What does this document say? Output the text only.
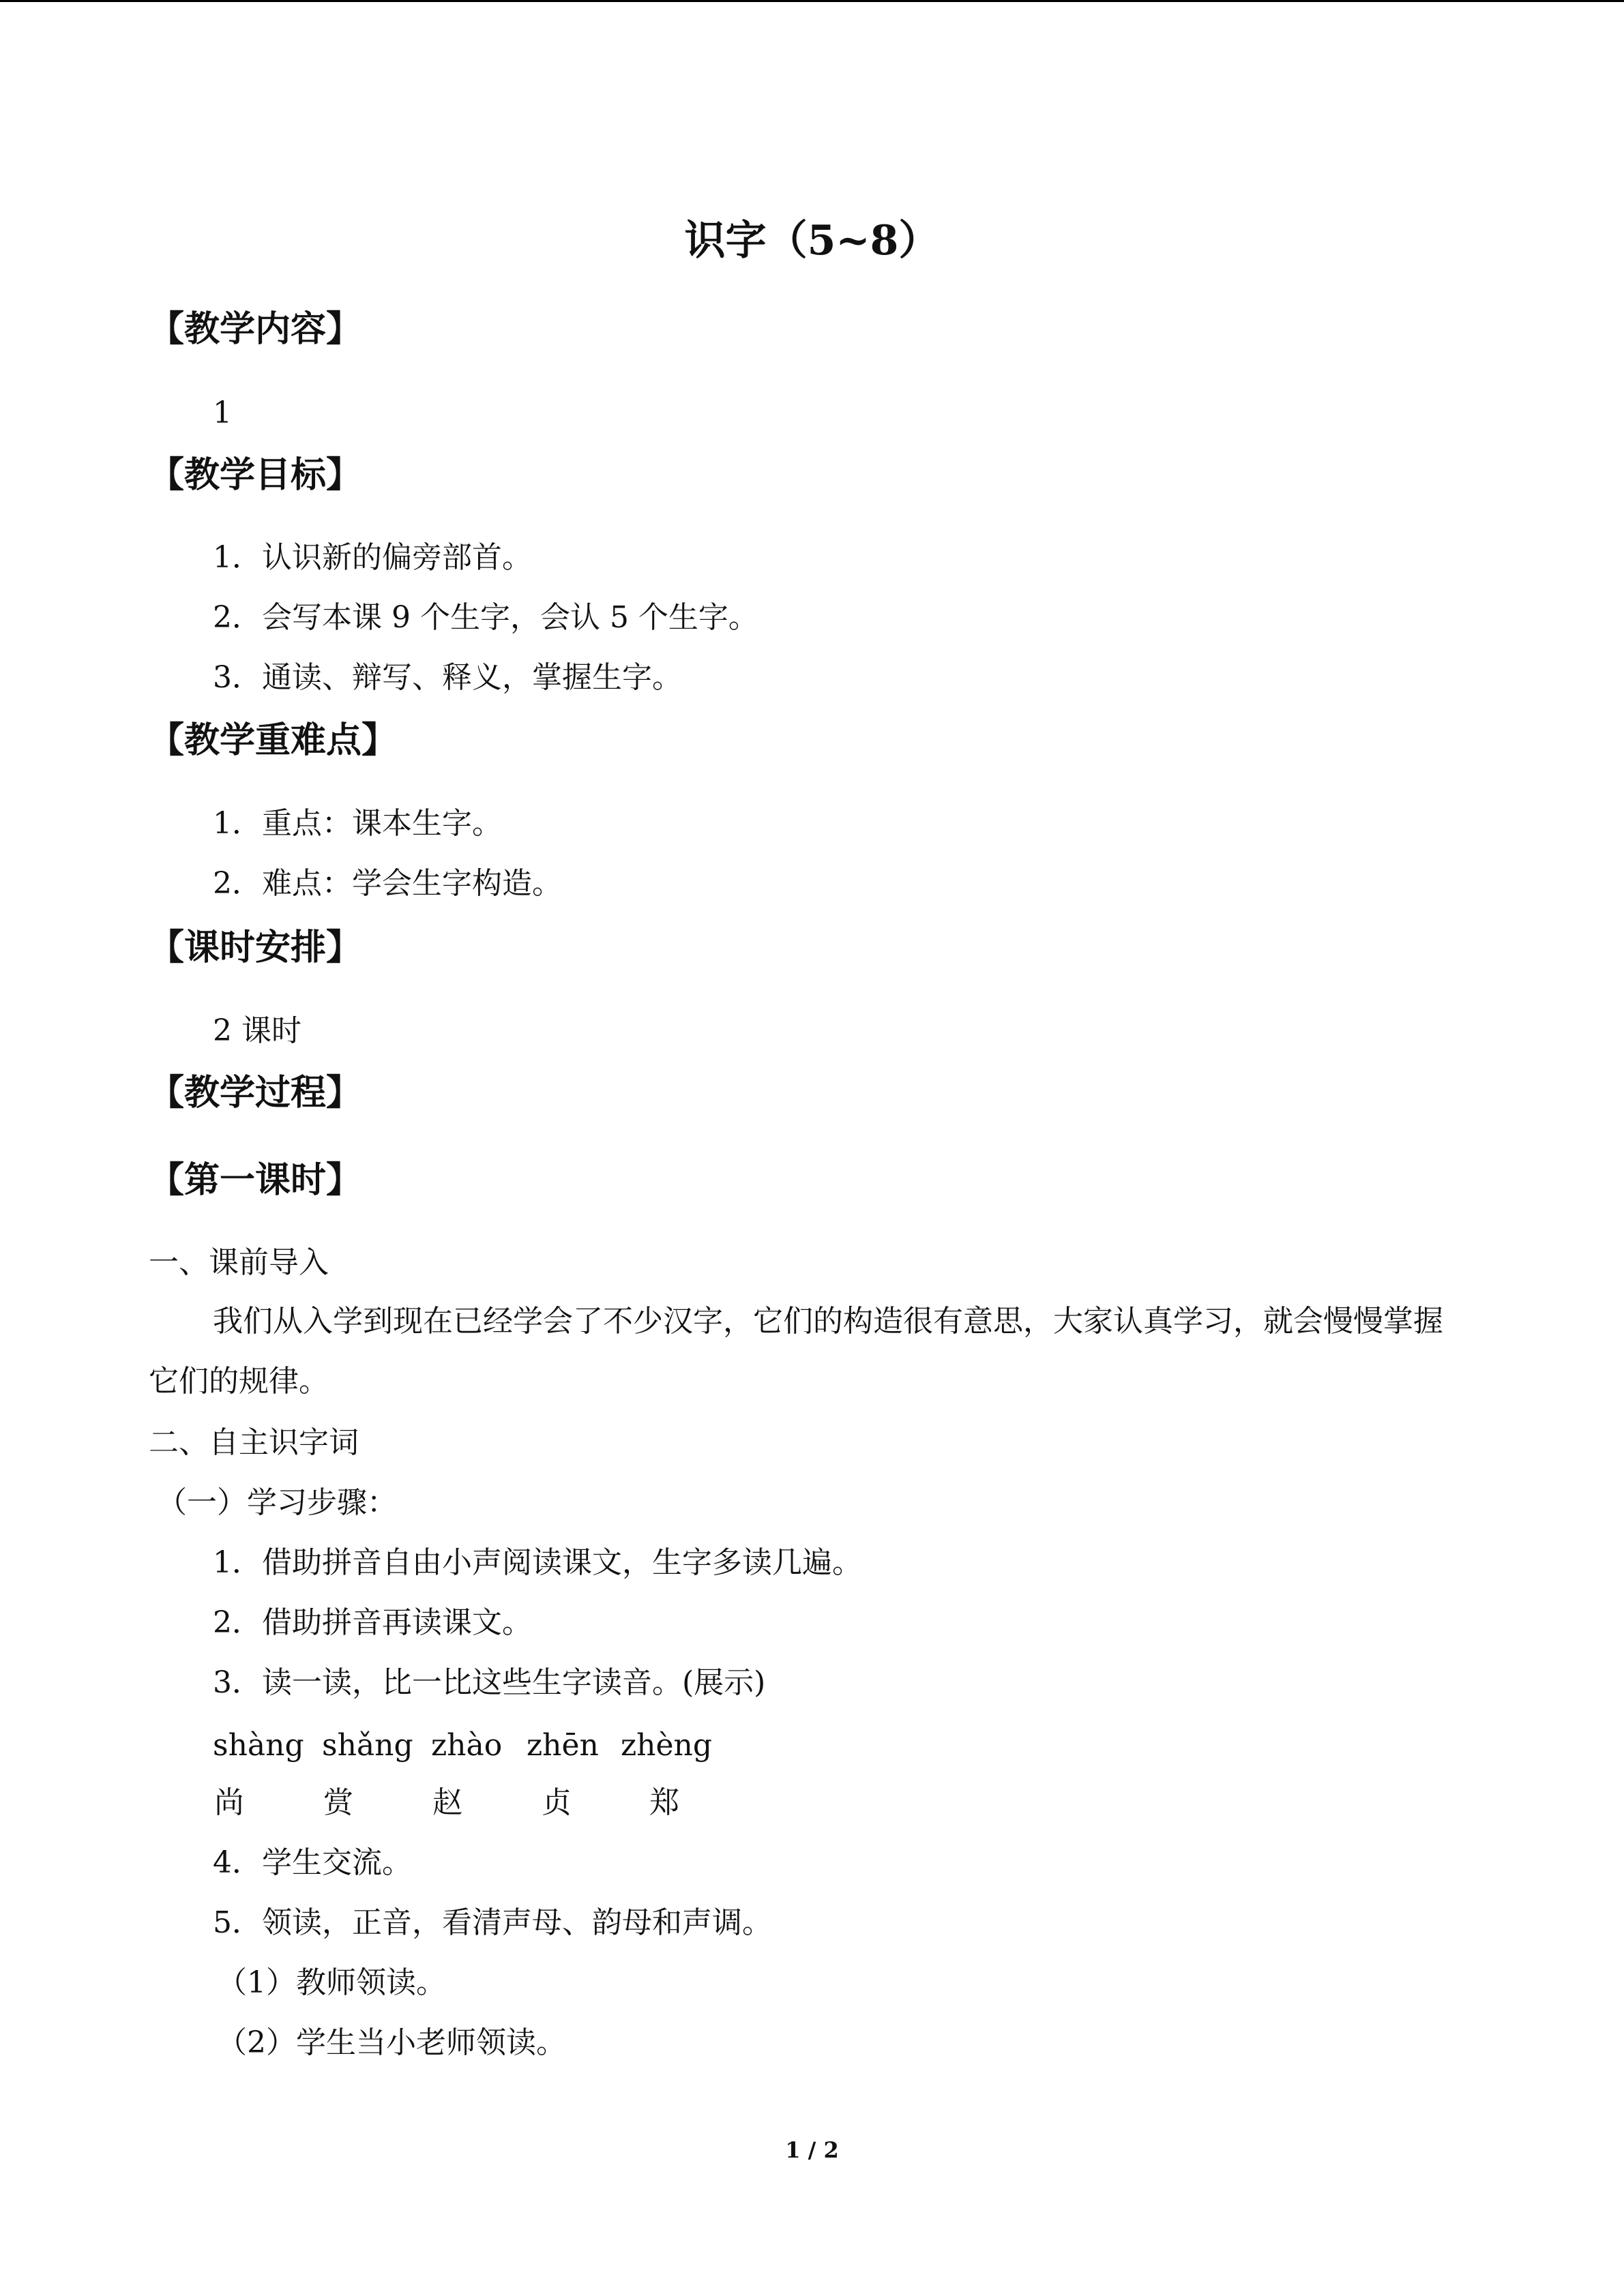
识字（5~8）
【教学内容】
1
【教学目标】
1．认识新的偏旁部首。
2．会写本课 9 个生字，会认 5 个生字。
3．通读、辩写、释义，掌握生字。
【教学重难点】
1．重点：课本生字。
2．难点：学会生字构造。
【课时安排】
2 课时
【教学过程】
【第一课时】
一、课前导入
我们从入学到现在已经学会了不少汉字，它们的构造很有意思，大家认真学习，就会慢慢掌握它们的规律。
二、自主识字词
（一）学习步骤：
1．借助拼音自由小声阅读课文，生字多读几遍。
2．借助拼音再读课文。
3．读一读，比一比这些生字读音。(展示)
shàng shǎng zhào zhēn zhèng
尚	赏	赵	贞	郑
4．学生交流。
5．领读，正音，看清声母、韵母和声调。
（1）教师领读。
（2）学生当小老师领读。
1 / 2
